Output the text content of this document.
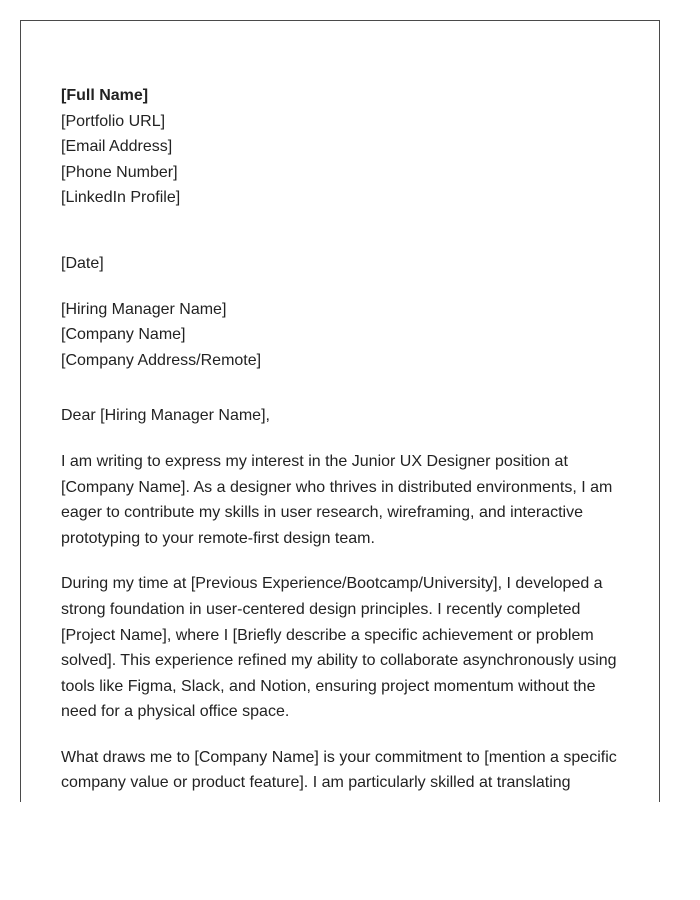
[Full Name]
[Portfolio URL]
[Email Address]
[Phone Number]
[LinkedIn Profile]
[Date]
[Hiring Manager Name]
[Company Name]
[Company Address/Remote]
Dear [Hiring Manager Name],

I am writing to express my interest in the Junior UX Designer position at [Company Name]. As a designer who thrives in distributed environments, I am eager to contribute my skills in user research, wireframing, and interactive prototyping to your remote-first design team.

During my time at [Previous Experience/Bootcamp/University], I developed a strong foundation in user-centered design principles. I recently completed [Project Name], where I [Briefly describe a specific achievement or problem solved]. This experience refined my ability to collaborate asynchronously using tools like Figma, Slack, and Notion, ensuring project momentum without the need for a physical office space.

What draws me to [Company Name] is your commitment to [mention a specific company value or product feature]. I am particularly skilled at translating
